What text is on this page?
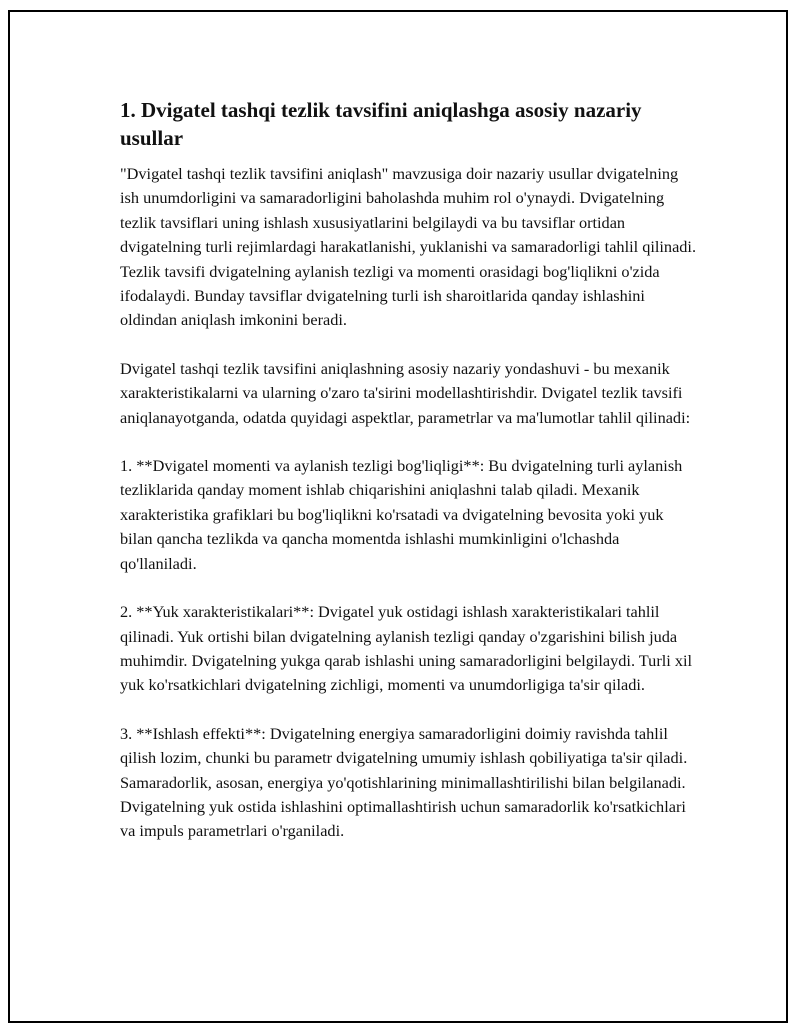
1. Dvigatel tashqi tezlik tavsifini aniqlashga asosiy nazariy usullar

"Dvigatel tashqi tezlik tavsifini aniqlash" mavzusiga doir nazariy usullar dvigatelning ish unumdorligini va samaradorligini baholashda muhim rol o'ynaydi. Dvigatelning tezlik tavsiflari uning ishlash xususiyatlarini belgilaydi va bu tavsiflar ortidan dvigatelning turli rejimlardagi harakatlanishi, yuklanishi va samaradorligi tahlil qilinadi. Tezlik tavsifi dvigatelning aylanish tezligi va momenti orasidagi bog'liqlikni o'zida ifodalaydi. Bunday tavsiflar dvigatelning turli ish sharoitlarida qanday ishlashini oldindan aniqlash imkonini beradi.

Dvigatel tashqi tezlik tavsifini aniqlashning asosiy nazariy yondashuvi - bu mexanik xarakteristikalarni va ularning o'zaro ta'sirini modellashtirishdir. Dvigatel tezlik tavsifi aniqlanayotganda, odatda quyidagi aspektlar, parametrlar va ma'lumotlar tahlil qilinadi:

1. **Dvigatel momenti va aylanish tezligi bog'liqligi**: Bu dvigatelning turli aylanish tezliklarida qanday moment ishlab chiqarishini aniqlashni talab qiladi. Mexanik xarakteristika grafiklari bu bog'liqlikni ko'rsatadi va dvigatelning bevosita yoki yuk bilan qancha tezlikda va qancha momentda ishlashi mumkinligini o'lchashda qo'llaniladi.

2. **Yuk xarakteristikalari**: Dvigatel yuk ostidagi ishlash xarakteristikalari tahlil qilinadi. Yuk ortishi bilan dvigatelning aylanish tezligi qanday o'zgarishini bilish juda muhimdir. Dvigatelning yukga qarab ishlashi uning samaradorligini belgilaydi. Turli xil yuk ko'rsatkichlari dvigatelning zichligi, momenti va unumdorligiga ta'sir qiladi.

3. **Ishlash effekti**: Dvigatelning energiya samaradorligini doimiy ravishda tahlil qilish lozim, chunki bu parametr dvigatelning umumiy ishlash qobiliyatiga ta'sir qiladi. Samaradorlik, asosan, energiya yo'qotishlarining minimallashtirilishi bilan belgilanadi. Dvigatelning yuk ostida ishlashini optimallashtirish uchun samaradorlik ko'rsatkichlari va impuls parametrlari o'rganiladi.
